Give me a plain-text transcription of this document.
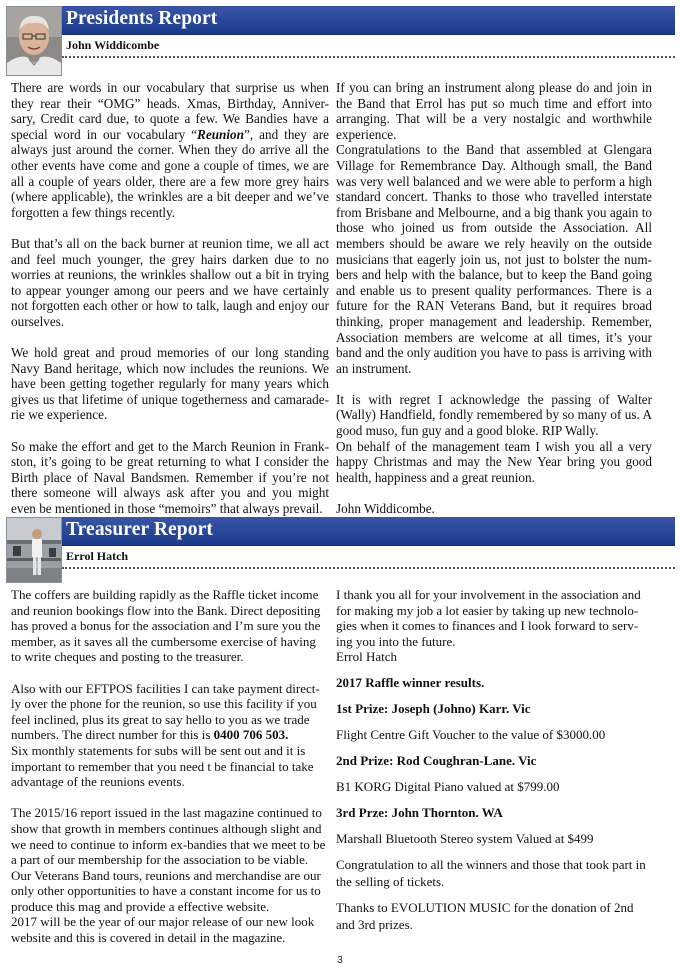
Presidents Report
John Widdicombe

There are words in our vocabulary that surprise us when they rear their “OMG” heads. Xmas, Birthday, Anniver- sary, Credit card due, to quote a few. We Bandies have a special word in our vocabulary “Reunion”, and they are always just around the corner. When they do arrive all the other events have come and gone a couple of times, we are all a couple of years older, there are a few more grey hairs (where applicable), the wrinkles are a bit deeper and we’ve forgotten a few things recently.

But that’s all on the back burner at reunion time, we all act and feel much younger, the grey hairs darken due to no worries at reunions, the wrinkles shallow out a bit in trying to appear younger among our peers and we have certainly not forgotten each other or how to talk, laugh and enjoy our ourselves.

We hold great and proud memories of our long standing Navy Band heritage, which now includes the reunions. We have been getting together regularly for many years which gives us that lifetime of unique togetherness and camarade- rie we experience.

So make the effort and get to the March Reunion in Frank- ston, it’s going to be great returning to what I consider the Birth place of Naval Bandsmen. Remember if you’re not there someone will always ask after you and you might even be mentioned in those “memoirs” that always prevail.

If you can bring an instrument along please do and join in the Band that Errol has put so much time and effort into arranging. That will be a very nostalgic and worthwhile experience.

Congratulations to the Band that assembled at Glengara Village for Remembrance Day. Although small, the Band was very well balanced and we were able to perform a high standard concert. Thanks to those who travelled interstate from Brisbane and Melbourne, and a big thank you again to those who joined us from outside the Association. All members should be aware we rely heavily on the outside musicians that eagerly join us, not just to bolster the num- bers and help with the balance, but to keep the Band going and enable us to present quality performances. There is a future for the RAN Veterans Band, but it requires broad thinking, proper management and leadership. Remember, Association members are welcome at all times, it’s your band and the only audition you have to pass is arriving with an instrument.

It is with regret I acknowledge the passing of Walter (Wally) Handfield, fondly remembered by so many of us. A good muso, fun guy and a good bloke. RIP Wally.

On behalf of the management team I wish you all a very happy Christmas and may the New Year bring you good health, happiness and a great reunion.

John Widdicombe.

Treasurer Report
Errol Hatch

The coffers are building rapidly as the Raffle ticket income and reunion bookings flow into the Bank. Direct depositing has proved a bonus for the association and I’m sure you the member, as it saves all the cumbersome exercise of having to write cheques and posting to the treasurer.

Also with our EFTPOS facilities I can take payment direct- ly over the phone for the reunion, so use this facility if you feel inclined, plus its great to say hello to you as we trade numbers. The direct number for this is 0400 706 503.

Six monthly statements for subs will be sent out and it is important to remember that you need t be financial to take advantage of the reunions events.

The 2015/16 report issued in the last magazine continued to show that growth in members continues although slight and we need to continue to inform ex-bandies that we meet to be a part of our membership for the association to be viable. Our Veterans Band tours, reunions and merchandise are our only other opportunities to have a constant income for us to produce this mag and provide a effective website.

2017 will be the year of our major release of our new look website and this is covered in detail in the magazine.

I thank you all for your involvement in the association and for making my job a lot easier by taking up new technolo- gies when it comes to finances and I look forward to serv- ing you into the future.

Errol Hatch

2017 Raffle winner results.

1st Prize: Joseph (Johno) Karr. Vic

Flight Centre Gift Voucher to the value of $3000.00

2nd Prize: Rod Coughran-Lane. Vic

B1 KORG Digital Piano valued at $799.00

3rd Prze: John Thornton. WA

Marshall Bluetooth Stereo system Valued at $499

Congratulation to all the winners and those that took part in the selling of tickets.

Thanks to EVOLUTION MUSIC for the donation of 2nd and 3rd prizes.

3
